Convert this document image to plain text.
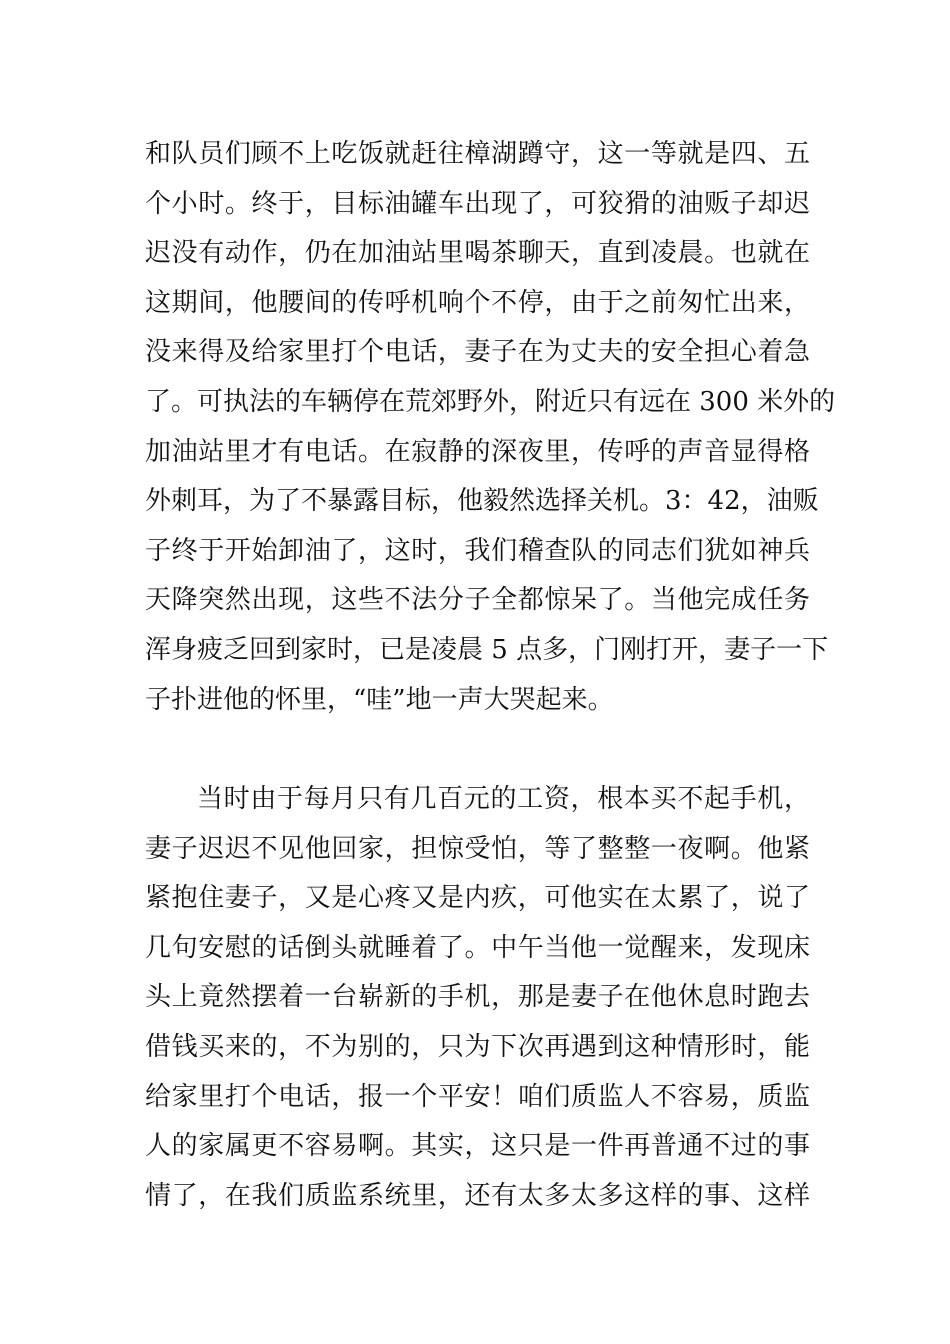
和队员们顾不上吃饭就赶往樟湖蹲守，这一等就是四、五
个小时。终于，目标油罐车出现了，可狡猾的油贩子却迟
迟没有动作，仍在加油站里喝茶聊天，直到凌晨。也就在
这期间，他腰间的传呼机响个不停，由于之前匆忙出来，
没来得及给家里打个电话，妻子在为丈夫的安全担心着急
了。可执法的车辆停在荒郊野外，附近只有远在 300 米外的
加油站里才有电话。在寂静的深夜里，传呼的声音显得格
外刺耳，为了不暴露目标，他毅然选择关机。3：42，油贩
子终于开始卸油了，这时，我们稽查队的同志们犹如神兵
天降突然出现，这些不法分子全都惊呆了。当他完成任务
浑身疲乏回到家时，已是凌晨 5 点多，门刚打开，妻子一下
子扑进他的怀里，“哇”地一声大哭起来。

当时由于每月只有几百元的工资，根本买不起手机，
妻子迟迟不见他回家，担惊受怕，等了整整一夜啊。他紧
紧抱住妻子，又是心疼又是内疚，可他实在太累了，说了
几句安慰的话倒头就睡着了。中午当他一觉醒来，发现床
头上竟然摆着一台崭新的手机，那是妻子在他休息时跑去
借钱买来的，不为别的，只为下次再遇到这种情形时，能
给家里打个电话，报一个平安！咱们质监人不容易，质监
人的家属更不容易啊。其实，这只是一件再普通不过的事
情了，在我们质监系统里，还有太多太多这样的事、这样
